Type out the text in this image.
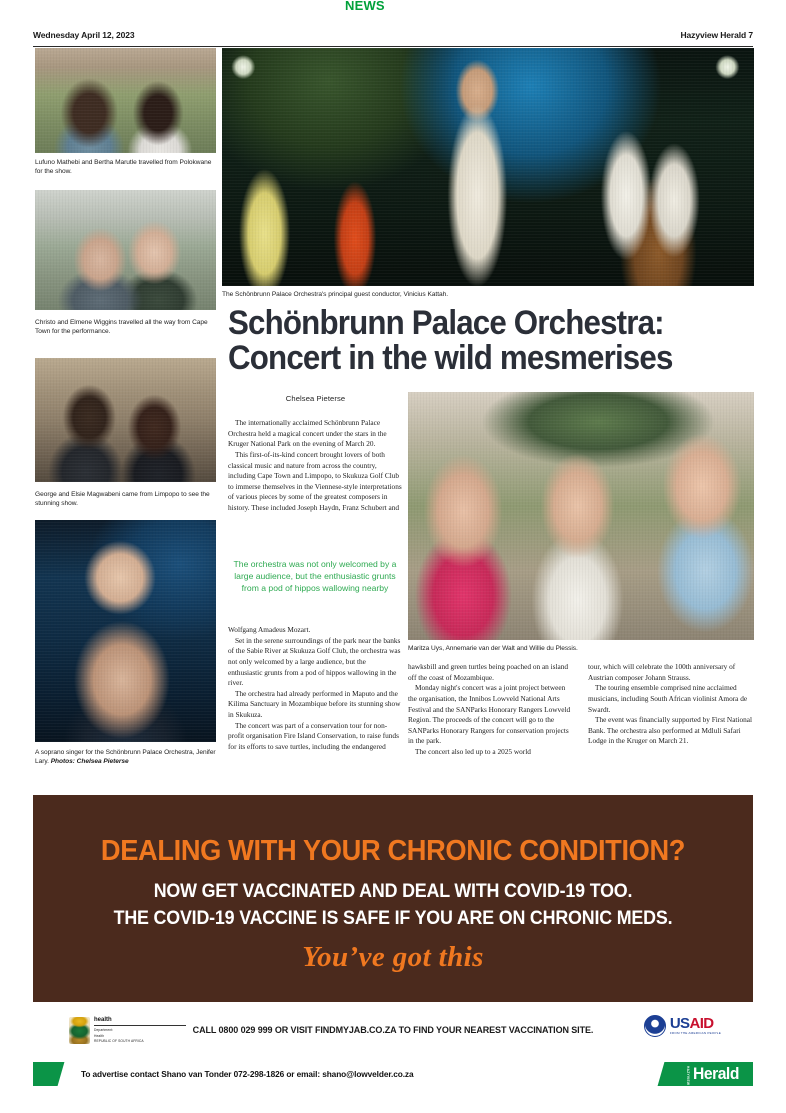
Wednesday April 12, 2023	Hazyview Herald 7
NEWS
Lufuno Mathebi and Bertha Marutle travelled from Polokwane for the show.
Christo and Elmene Wiggins travelled all the way from Cape Town for the performance.
George and Elsie Magwabeni came from Limpopo to see the stunning show.
A soprano singer for the Schönbrunn Palace Orchestra, Jenifer Lary. Photos: Chelsea Pieterse
The Schönbrunn Palace Orchestra's principal guest conductor, Vinicius Kattah.
Schönbrunn Palace Orchestra:
Concert in the wild mesmerises
Chelsea Pieterse

The internationally acclaimed Schönbrunn Palace Orchestra held a magical concert under the stars in the Kruger National Park on the evening of March 20.

This first-of-its-kind concert brought lovers of both classical music and nature from across the country, including Cape Town and Limpopo, to Skukuza Golf Club to immerse themselves in the Viennese-style interpretations of various pieces by some of the greatest composers in history. These included Joseph Haydn, Franz Schubert and

The orchestra was not only welcomed by a large audience, but the enthusiastic grunts from a pod of hippos wallowing nearby

Wolfgang Amadeus Mozart.

Set in the serene surroundings of the park near the banks of the Sabie River at Skukuza Golf Club, the orchestra was not only welcomed by a large audience, but the enthusiastic grunts from a pod of hippos wallowing in the river.

The orchestra had already performed in Maputo and the Kilima Sanctuary in Mozambique before its stunning show in Skukuza.

The concert was part of a conservation tour for non-profit organisation Fire Island Conservation, to raise funds for its efforts to save turtles, including the endangered

Maritza Uys, Annemarie van der Walt and Willie du Plessis.

hawksbill and green turtles being poached on an island off the coast of Mozambique.

Monday night's concert was a joint project between the organisation, the Innibos Lowveld National Arts Festival and the SANParks Honorary Rangers Lowveld Region. The proceeds of the concert will go to the SANParks Honorary Rangers for conservation projects in the park.

The concert also led up to a 2025 world

tour, which will celebrate the 100th anniversary of Austrian composer Johann Strauss.

The touring ensemble comprised nine acclaimed musicians, including South African violinist Amora de Swardt.

The event was financially supported by First National Bank. The orchestra also performed at Mdluli Safari Lodge in the Kruger on March 21.

DEALING WITH YOUR CHRONIC CONDITION?
NOW GET VACCINATED AND DEAL WITH COVID-19 TOO.
THE COVID-19 VACCINE IS SAFE IF YOU ARE ON CHRONIC MEDS.
You’ve got this
health
Department:
Health
REPUBLIC OF SOUTH AFRICA
CALL 0800 029 999 OR VISIT FINDMYJAB.CO.ZA TO FIND YOUR NEAREST VACCINATION SITE.	USAID
FROM THE AMERICAN PEOPLE
To advertise contact Shano van Tonder 072-298-1826 or email: shano@lowvelder.co.za	HAZYVIEW Herald
